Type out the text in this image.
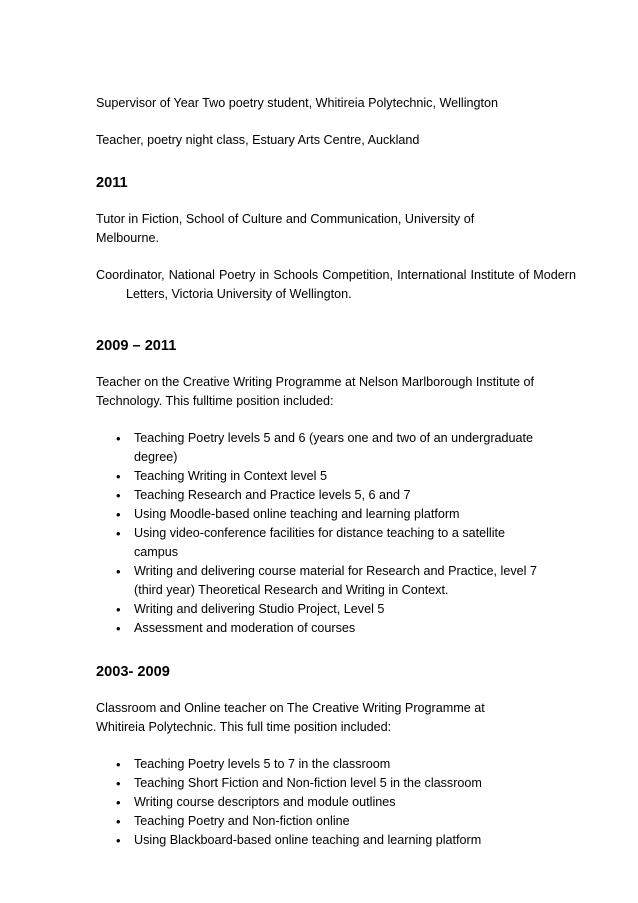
Supervisor of Year Two poetry student, Whitireia Polytechnic, Wellington

Teacher, poetry night class, Estuary Arts Centre, Auckland

2011

Tutor in Fiction, School of Culture and Communication, University of Melbourne.

Coordinator, National Poetry in Schools Competition, International Institute of Modern Letters, Victoria University of Wellington.

2009 – 2011

Teacher on the Creative Writing Programme at Nelson Marlborough Institute of Technology. This fulltime position included:

• Teaching Poetry levels 5 and 6 (years one and two of an undergraduate degree)
• Teaching Writing in Context level 5
• Teaching Research and Practice levels 5, 6 and 7
• Using Moodle-based online teaching and learning platform
• Using video-conference facilities for distance teaching to a satellite campus
• Writing and delivering course material for Research and Practice, level 7 (third year) Theoretical Research and Writing in Context.
• Writing and delivering Studio Project, Level 5
• Assessment and moderation of courses
2003- 2009

Classroom and Online teacher on The Creative Writing Programme at Whitireia Polytechnic. This full time position included:

• Teaching Poetry levels 5 to 7 in the classroom
• Teaching Short Fiction and Non-fiction level 5 in the classroom
• Writing course descriptors and module outlines
• Teaching Poetry and Non-fiction online
• Using Blackboard-based online teaching and learning platform
